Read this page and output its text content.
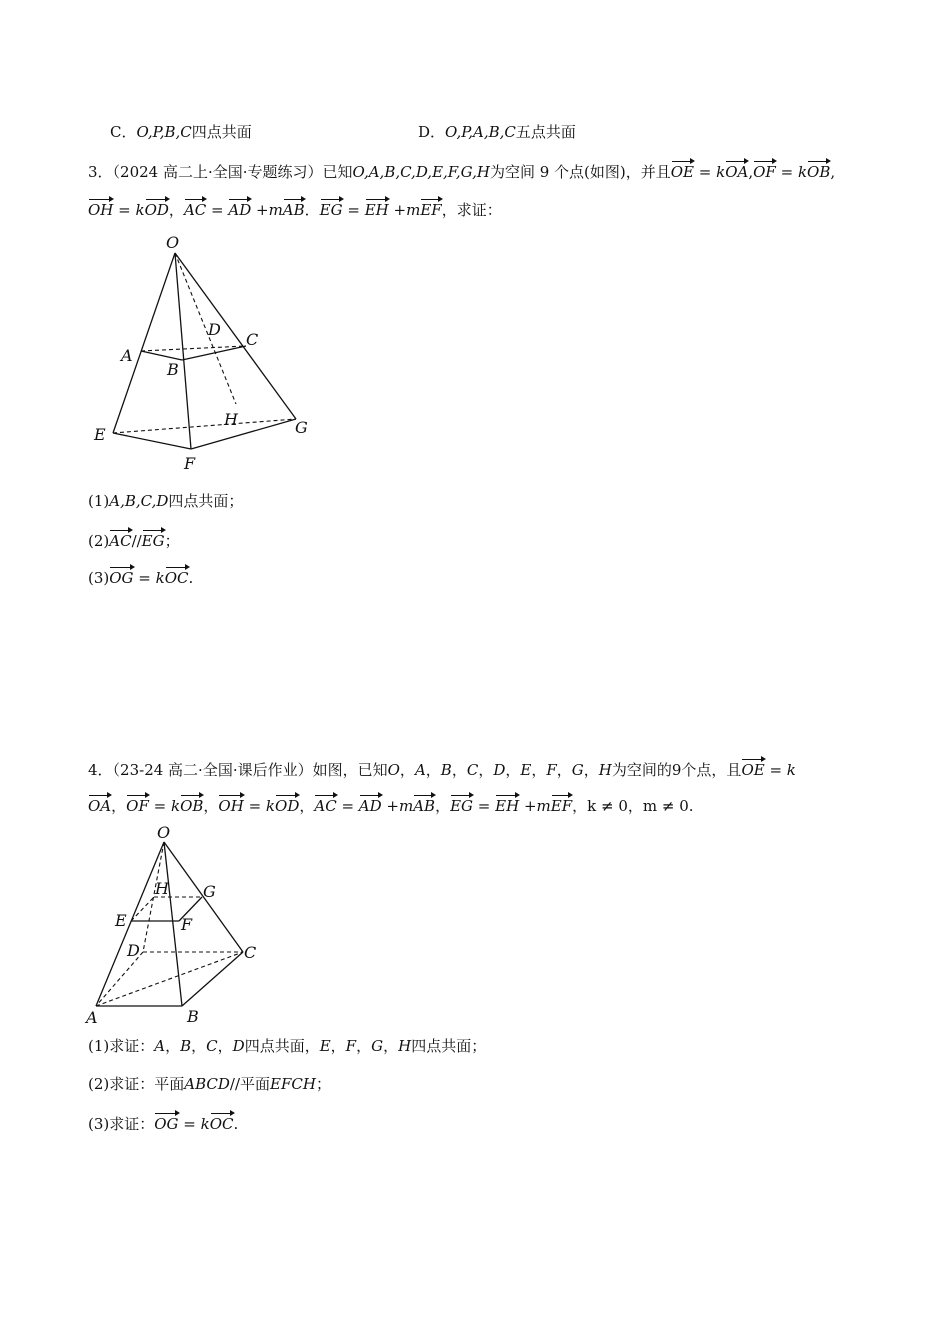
C．O,P,B,C四点共面	D．O,P,A,B,C五点共面
3．（2024 高二上·全国·专题练习）已知O,A,B,C,D,E,F,G,H为空间 9 个点(如图)，并且OE = kOA,OF = kOB,
OH = kOD，AC = AD +mAB．EG = EH +mEF，求证：
O
A
B
C
D
E
F
G
H
(1)A,B,C,D四点共面；
(2)AC//EG；
(3)OG = kOC.
4．（23-24 高二·全国·课后作业）如图，已知O，A，B，C，D，E，F，G，H为空间的9个点，且OE = k
OA，OF = kOB，OH = kOD，AC = AD +mAB，EG = EH +mEF，k ≠ 0，m ≠ 0.
O
H G
E	F
D	C
A	B
(1)求证：A，B，C，D四点共面，E，F，G，H四点共面；
(2)求证：平面ABCD//平面EFCH；
(3)求证：OG = kOC.
